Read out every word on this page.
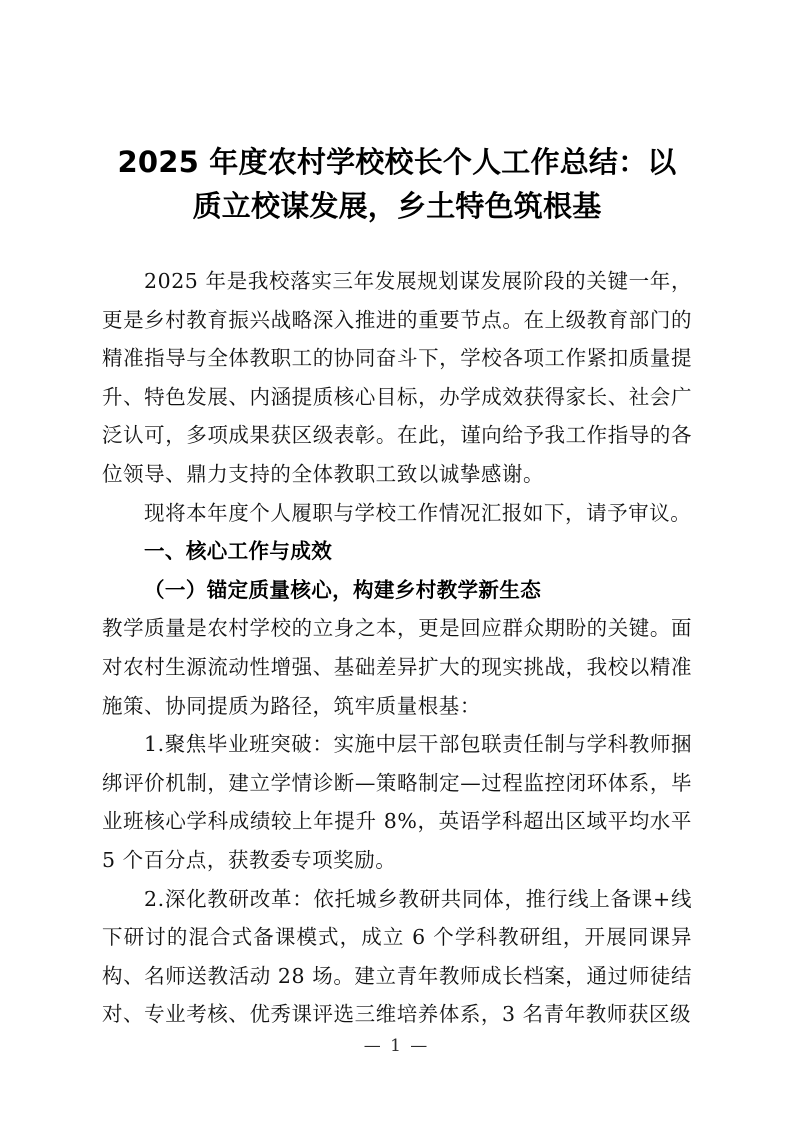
2025 年度农村学校校长个人工作总结：以质立校谋发展，乡土特色筑根基

2025 年是我校落实三年发展规划谋发展阶段的关键一年，更是乡村教育振兴战略深入推进的重要节点。在上级教育部门的精准指导与全体教职工的协同奋斗下，学校各项工作紧扣质量提升、特色发展、内涵提质核心目标，办学成效获得家长、社会广泛认可，多项成果获区级表彰。在此，谨向给予我工作指导的各位领导、鼎力支持的全体教职工致以诚挚感谢。

现将本年度个人履职与学校工作情况汇报如下，请予审议。

一、核心工作与成效

（一）锚定质量核心，构建乡村教学新生态

教学质量是农村学校的立身之本，更是回应群众期盼的关键。面对农村生源流动性增强、基础差异扩大的现实挑战，我校以精准施策、协同提质为路径，筑牢质量根基：

1.聚焦毕业班突破：实施中层干部包联责任制与学科教师捆绑评价机制，建立学情诊断—策略制定—过程监控闭环体系，毕业班核心学科成绩较上年提升 8%，英语学科超出区域平均水平 5 个百分点，获教委专项奖励。

2.深化教研改革：依托城乡教研共同体，推行线上备课+线下研讨的混合式备课模式，成立 6 个学科教研组，开展同课异构、名师送教活动 28 场。建立青年教师成长档案，通过师徒结对、专业考核、优秀课评选三维培养体系，3 名青年教师获区级

— 1 —
